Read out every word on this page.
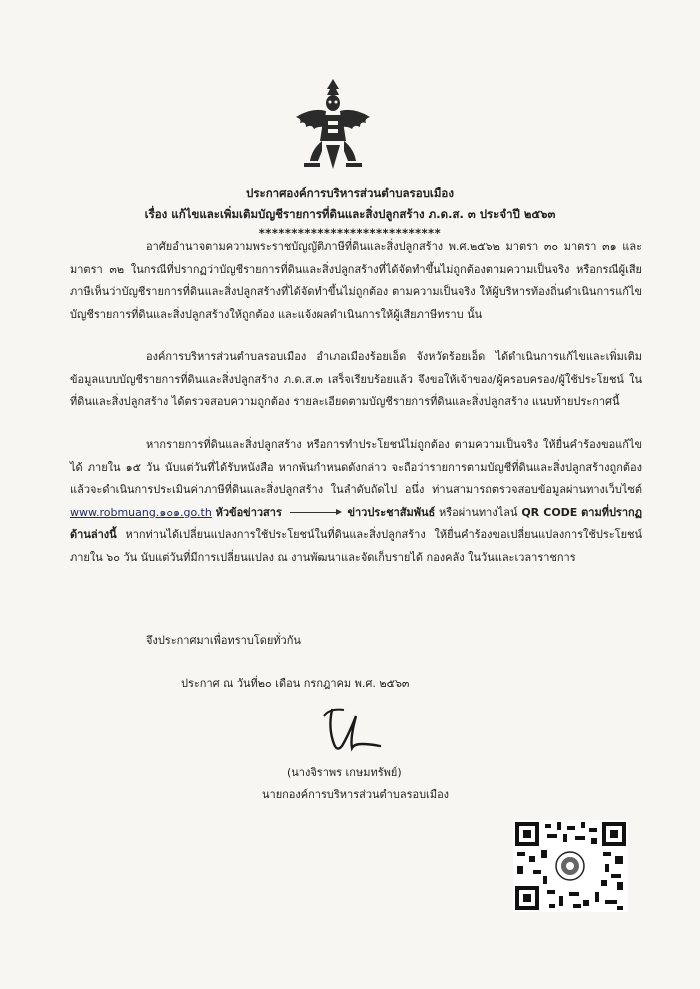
ประกาศองค์การบริหารส่วนตำบลรอบเมือง
เรื่อง แก้ไขและเพิ่มเติมบัญชีรายการที่ดินและสิ่งปลูกสร้าง ภ.ด.ส. ๓ ประจำปี ๒๕๖๓
****************************
อาศัยอำนาจตามความพระราชบัญญัติภาษีที่ดินและสิ่งปลูกสร้าง พ.ศ.๒๕๖๒ มาตรา ๓๐ มาตรา ๓๑ และมาตรา ๓๒ ในกรณีที่ปรากฏว่าบัญชีรายการที่ดินและสิ่งปลูกสร้างที่ได้จัดทำขึ้นไม่ถูกต้องตามความเป็นจริง หรือกรณีผู้เสียภาษีเห็นว่าบัญชีรายการที่ดินและสิ่งปลูกสร้างที่ได้จัดทำขึ้นไม่ถูกต้อง ตามความเป็นจริง ให้ผู้บริหารท้องถิ่นดำเนินการแก้ไขบัญชีรายการที่ดินและสิ่งปลูกสร้างให้ถูกต้อง และแจ้งผลดำเนินการให้ผู้เสียภาษีทราบ นั้น
องค์การบริหารส่วนตำบลรอบเมือง อำเภอเมืองร้อยเอ็ด จังหวัดร้อยเอ็ด ได้ดำเนินการแก้ไขและเพิ่มเติมข้อมูลแบบบัญชีรายการที่ดินและสิ่งปลูกสร้าง ภ.ด.ส.๓ เสร็จเรียบร้อยแล้ว จึงขอให้เจ้าของ/ผู้ครอบครอง/ผู้ใช้ประโยชน์ ในที่ดินและสิ่งปลูกสร้าง ได้ตรวจสอบความถูกต้อง รายละเอียดตามบัญชีรายการที่ดินและสิ่งปลูกสร้าง แนบท้ายประกาศนี้
หากรายการที่ดินและสิ่งปลูกสร้าง หรือการทำประโยชน์ไม่ถูกต้อง ตามความเป็นจริง ให้ยื่นคำร้องขอแก้ไขได้ ภายใน ๑๕ วัน นับแต่วันที่ได้รับหนังสือ หากพ้นกำหนดดังกล่าว จะถือว่ารายการตามบัญชีที่ดินและสิ่งปลูกสร้างถูกต้อง แล้วจะดำเนินการประเมินค่าภาษีที่ดินและสิ่งปลูกสร้าง ในลำดับถัดไป อนึ่ง ท่านสามารถตรวจสอบข้อมูลผ่านทางเว็บไซต์ www.robmuang.๑๐๑.go.th หัวข้อข่าวสาร	ข่าวประชาสัมพันธ์ หรือผ่านทางไลน์ QR CODE ตามที่ปรากฏด้านล่างนี้ หากท่านได้เปลี่ยนแปลงการใช้ประโยชน์ในที่ดินและสิ่งปลูกสร้าง ให้ยื่นคำร้องขอเปลี่ยนแปลงการใช้ประโยชน์ ภายใน ๖๐ วัน นับแต่วันที่มีการเปลี่ยนแปลง ณ งานพัฒนาและจัดเก็บรายได้ กองคลัง ในวันและเวลาราชการ
จึงประกาศมาเพื่อทราบโดยทั่วกัน
ประกาศ ณ วันที่๒๐ เดือน กรกฎาคม พ.ศ. ๒๕๖๓
(นางจิราพร เกษมทรัพย์)
นายกองค์การบริหารส่วนตำบลรอบเมือง
